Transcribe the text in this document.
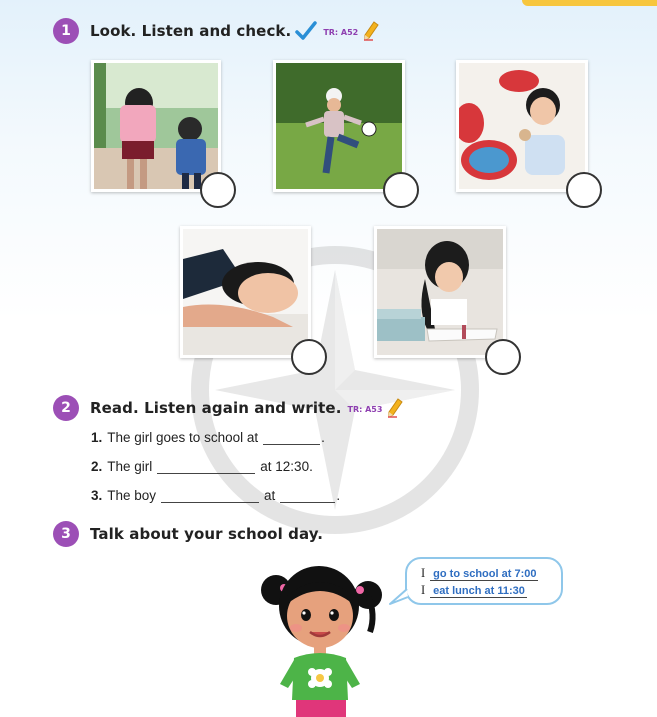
1	Look. Listen and check.	TR: A52
2	Read. Listen again and write. TR: A53
1. The girl goes to school at	.
2. The girl	at 12:30.
3. The boy	at	.
3	Talk about your school day.
I go to school at 7:00
I eat lunch at 11:30
